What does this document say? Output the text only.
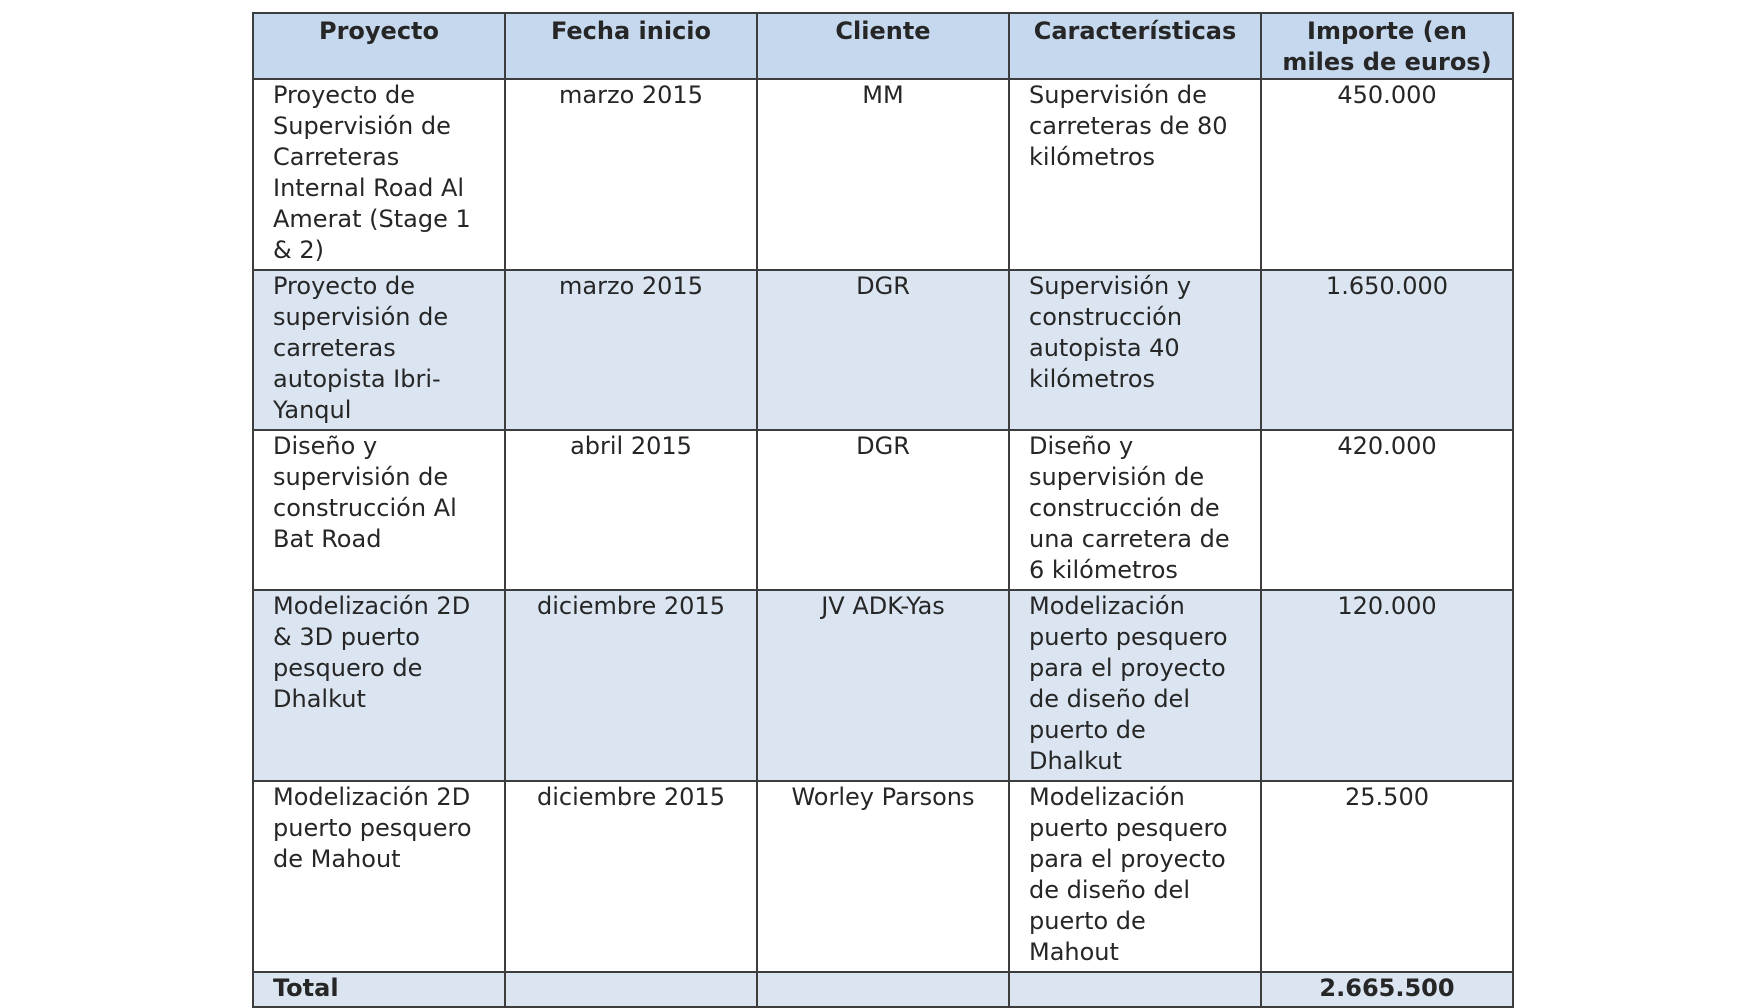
Proyecto	Fecha inicio	Cliente	Características	Importe (en miles de euros)
Proyecto de Supervisión de Carreteras Internal Road Al Amerat (Stage 1 & 2)	marzo 2015	MM	Supervisión de carreteras de 80 kilómetros	450.000
Proyecto de supervisión de carreteras autopista Ibri-Yanqul	marzo 2015	DGR	Supervisión y construcción autopista 40 kilómetros	1.650.000
Diseño y supervisión de construcción Al Bat Road	abril 2015	DGR	Diseño y supervisión de construcción de una carretera de 6 kilómetros	420.000
Modelización 2D & 3D puerto pesquero de Dhalkut	diciembre 2015	JV ADK-Yas	Modelización puerto pesquero para el proyecto de diseño del puerto de Dhalkut	120.000
Modelización 2D puerto pesquero de Mahout	diciembre 2015	Worley Parsons	Modelización puerto pesquero para el proyecto de diseño del puerto de Mahout	25.500
Total				2.665.500
